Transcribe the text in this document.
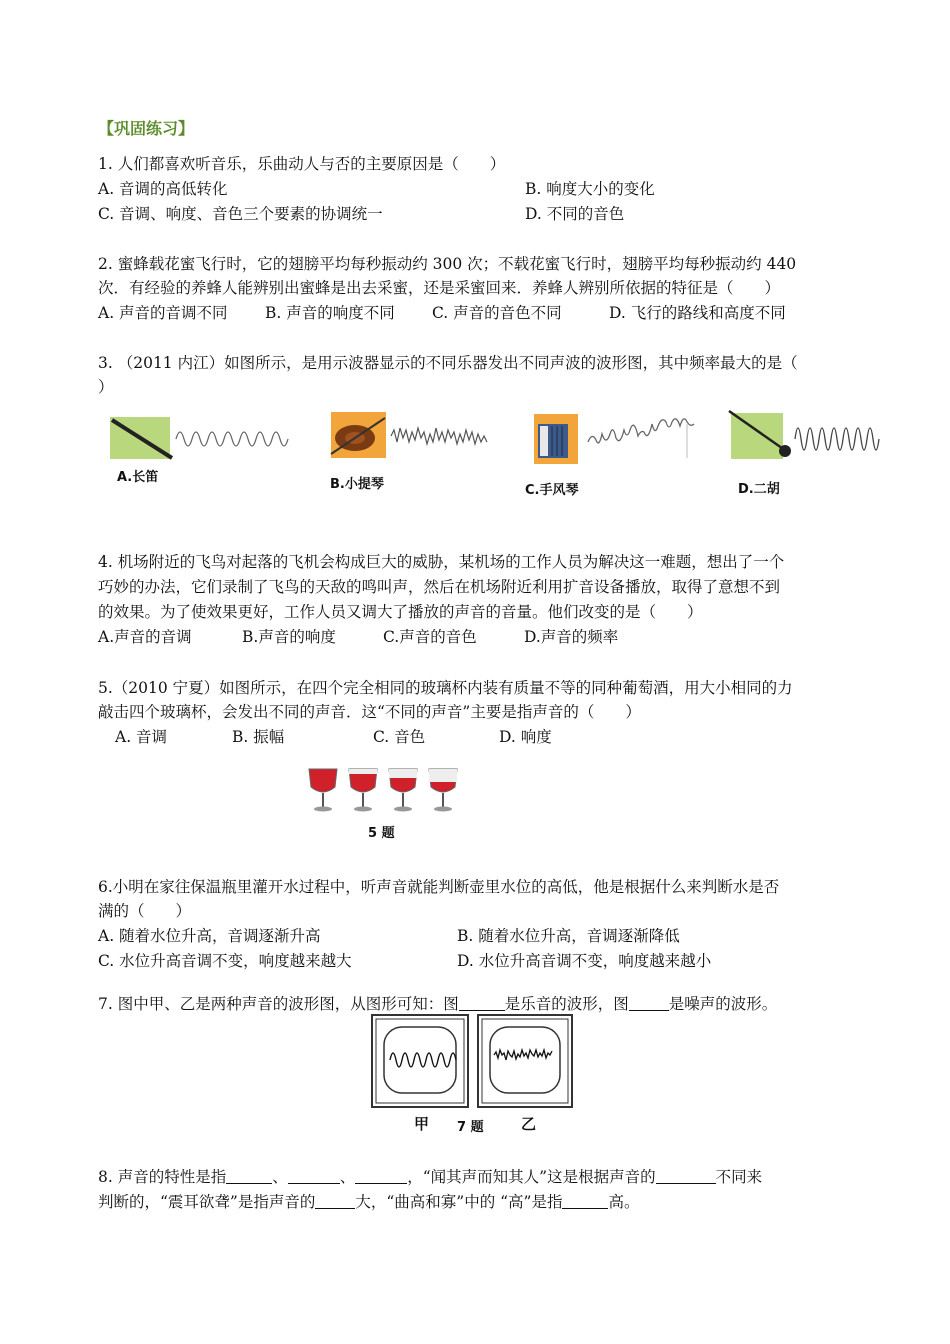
【巩固练习】
1. 人们都喜欢听音乐，乐曲动人与否的主要原因是（　　）
A. 音调的高低转化	B. 响度大小的变化
C. 音调、响度、音色三个要素的协调统一	D. 不同的音色
2. 蜜蜂载花蜜飞行时，它的翅膀平均每秒振动约 300 次；不载花蜜飞行时，翅膀平均每秒振动约 440
次．有经验的养蜂人能辨别出蜜蜂是出去采蜜，还是采蜜回来．养蜂人辨别所依据的特征是（　　）
A. 声音的音调不同 B. 声音的响度不同 C. 声音的音色不同	D. 飞行的路线和高度不同
3. （2011 内江）如图所示，是用示波器显示的不同乐器发出不同声波的波形图，其中频率最大的是（
）
A.长笛	B.小提琴	C.手风琴	D.二胡
4. 机场附近的飞鸟对起落的飞机会构成巨大的威胁，某机场的工作人员为解决这一难题，想出了一个
巧妙的办法，它们录制了飞鸟的天敌的鸣叫声，然后在机场附近利用扩音设备播放，取得了意想不到
的效果。为了使效果更好，工作人员又调大了播放的声音的音量。他们改变的是（　　）
A.声音的音调	B.声音的响度	C.声音的音色	D.声音的频率
5.（2010 宁夏）如图所示，在四个完全相同的玻璃杯内装有质量不等的同种葡萄酒，用大小相同的力
敲击四个玻璃杯，会发出不同的声音．这“不同的声音”主要是指声音的（　　）
A. 音调	B. 振幅	C. 音色	D. 响度
5 题
6.小明在家往保温瓶里灌开水过程中，听声音就能判断壶里水位的高低，他是根据什么来判断水是否
满的（　　）
A. 随着水位升高，音调逐渐升高	B. 随着水位升高，音调逐渐降低
C. 水位升高音调不变，响度越来越大	D. 水位升高音调不变，响度越来越小
7. 图中甲、乙是两种声音的波形图，从图形可知：图	是乐音的波形，图	是噪声的波形。
甲 7 题 乙
8. 声音的特性是指	、	、	，“闻其声而知其人”这是根据声音的	不同来
判断的，“震耳欲聋”是指声音的	大，“曲高和寡”中的 “高”是指	高。
